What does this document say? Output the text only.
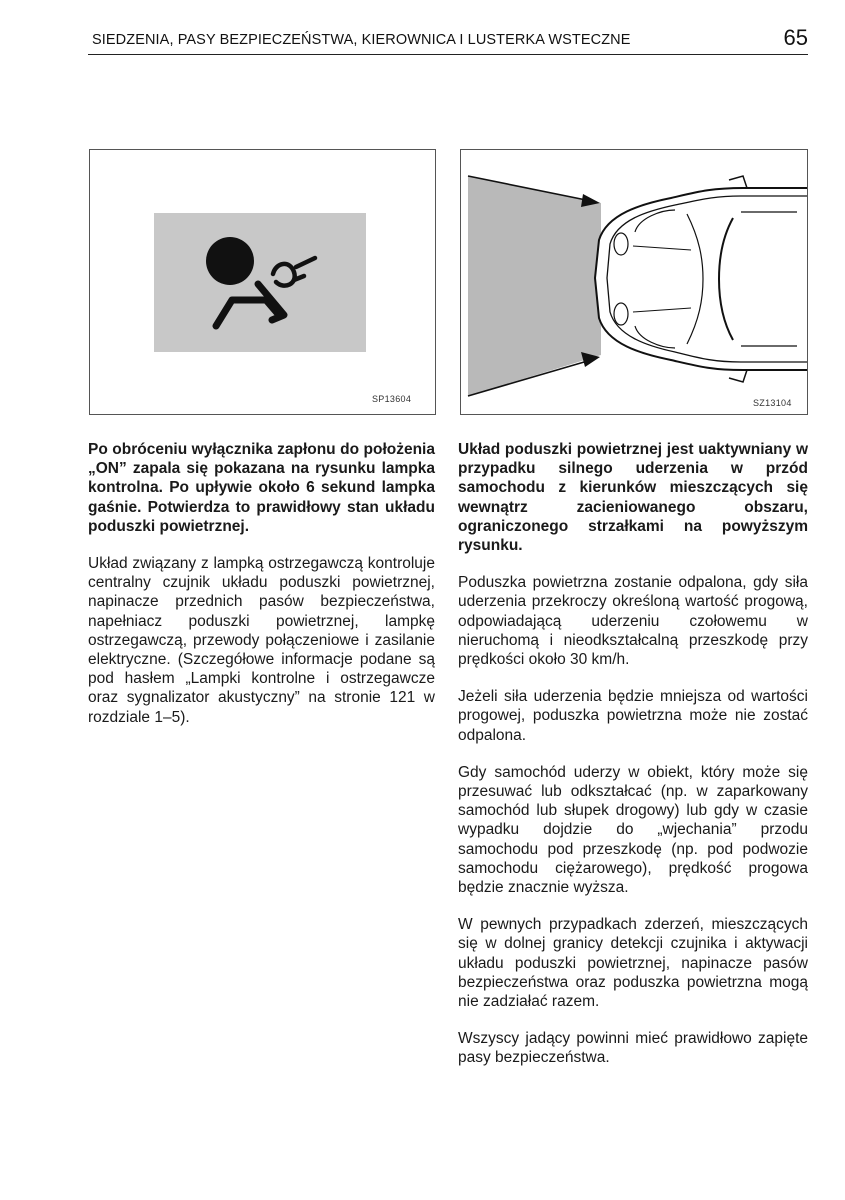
SIEDZENIA, PASY BEZPIECZEŃSTWA, KIEROWNICA I LUSTERKA WSTECZNE	65
SP13604	SZ13104

Po obróceniu wyłącznika zapłonu do położenia „ON” zapala się pokazana na rysunku lampka kontrolna. Po upływie około 6 sekund lampka gaśnie. Potwierdza to prawidłowy stan układu poduszki powietrznej.

Układ związany z lampką ostrzegawczą kontroluje centralny czujnik układu poduszki powietrznej, napinacze przednich pasów bezpieczeństwa, napełniacz poduszki powietrznej, lampkę ostrzegawczą, przewody połączeniowe i zasilanie elektryczne. (Szczegółowe informacje podane są pod hasłem „Lampki kontrolne i ostrzegawcze oraz sygnalizator akustyczny” na stronie 121 w rozdziale 1–5).

Układ poduszki powietrznej jest uaktywniany w przypadku silnego uderzenia w przód samochodu z kierunków mieszczących się wewnątrz zacieniowanego obszaru, ograniczonego strzałkami na powyższym rysunku.

Poduszka powietrzna zostanie odpalona, gdy siła uderzenia przekroczy określoną wartość progową, odpowiadającą uderzeniu czołowemu w nieruchomą i nieodkształcalną przeszkodę przy prędkości około 30 km/h.

Jeżeli siła uderzenia będzie mniejsza od wartości progowej, poduszka powietrzna może nie zostać odpalona.

Gdy samochód uderzy w obiekt, który może się przesuwać lub odkształcać (np. w zaparkowany samochód lub słupek drogowy) lub gdy w czasie wypadku dojdzie do „wjechania” przodu samochodu pod przeszkodę (np. pod podwozie samochodu ciężarowego), prędkość progowa będzie znacznie wyższa.

W pewnych przypadkach zderzeń, mieszczących się w dolnej granicy detekcji czujnika i aktywacji układu poduszki powietrznej, napinacze pasów bezpieczeństwa oraz poduszka powietrzna mogą nie zadziałać razem.

Wszyscy jadący powinni mieć prawidłowo zapięte pasy bezpieczeństwa.
